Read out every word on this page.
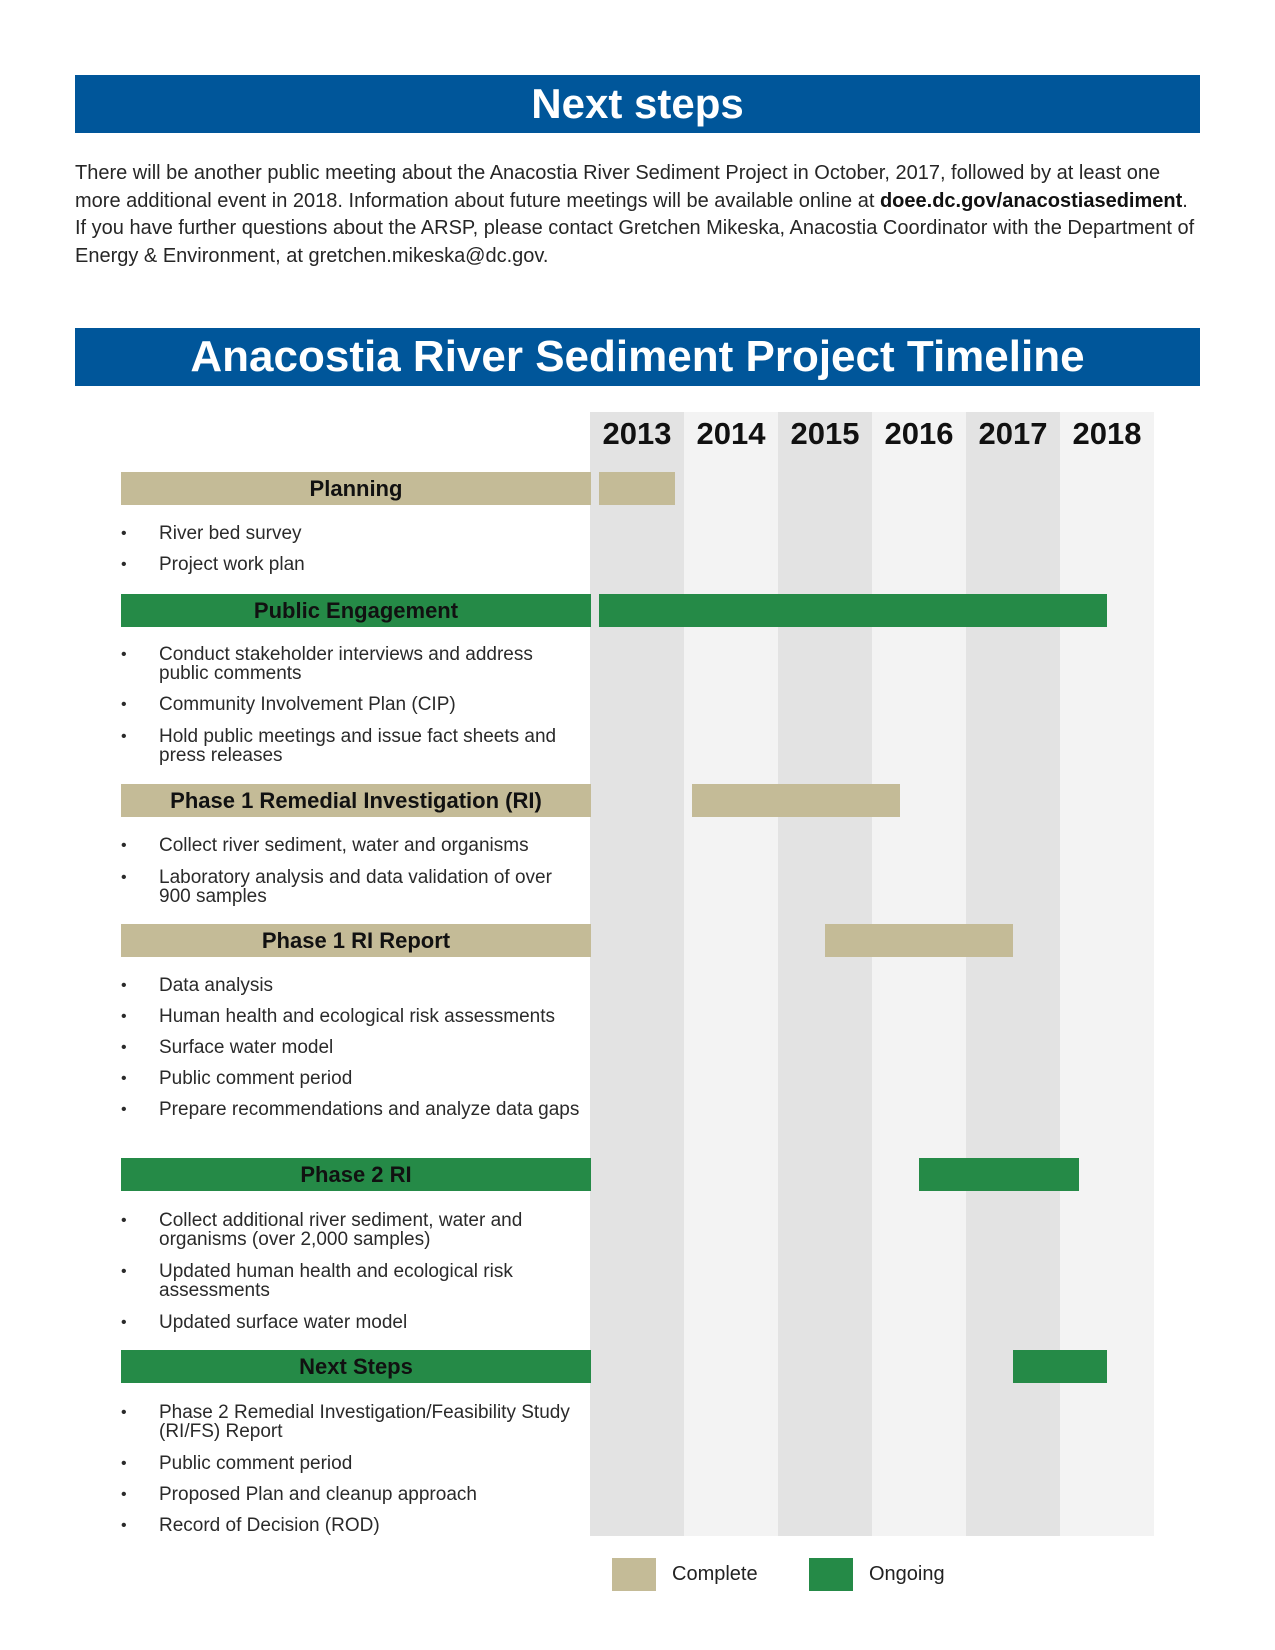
Next steps
There will be another public meeting about the Anacostia River Sediment Project in October, 2017, followed by at least one more additional event in 2018. Information about future meetings will be available online at doee.dc.gov/anacostiasediment. If you have further questions about the ARSP, please contact Gretchen Mikeska, Anacostia Coordinator with the Department of Energy & Environment, at gretchen.mikeska@dc.gov.
Anacostia River Sediment Project Timeline
2013 2014 2015 2016 2017 2018
Planning
• River bed survey
• Project work plan
Public Engagement
• Conduct stakeholder interviews and address public comments
• Community Involvement Plan (CIP)
• Hold public meetings and issue fact sheets and press releases
Phase 1 Remedial Investigation (RI)
• Collect river sediment, water and organisms
• Laboratory analysis and data validation of over 900 samples
Phase 1 RI Report
• Data analysis
• Human health and ecological risk assessments
• Surface water model
• Public comment period
• Prepare recommendations and analyze data gaps
Phase 2 RI
• Collect additional river sediment, water and organisms (over 2,000 samples)
• Updated human health and ecological risk assessments
• Updated surface water model
Next Steps
• Phase 2 Remedial Investigation/Feasibility Study (RI/FS) Report
• Public comment period
• Proposed Plan and cleanup approach
• Record of Decision (ROD)
Complete	Ongoing
